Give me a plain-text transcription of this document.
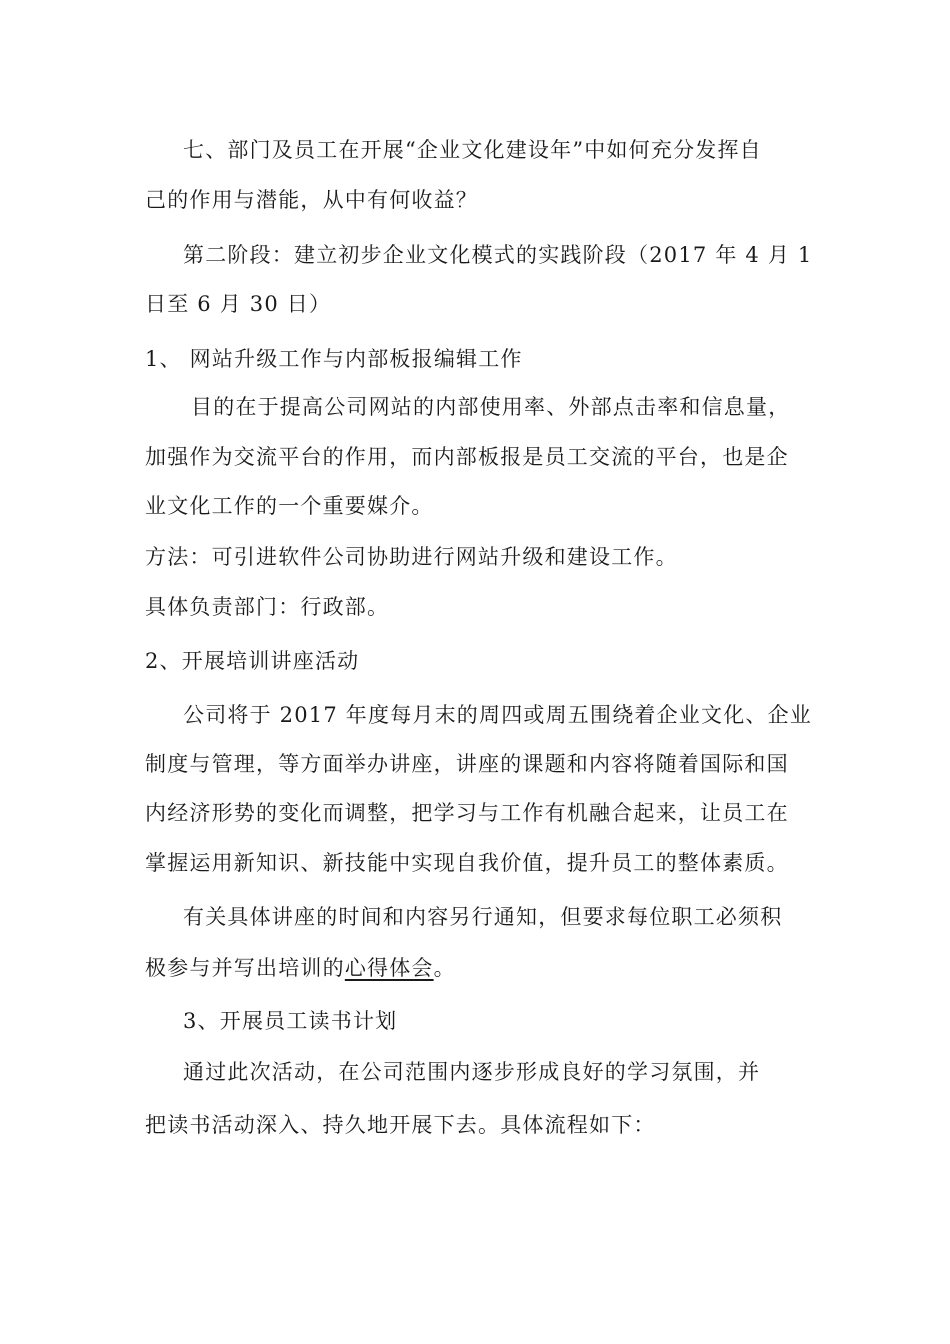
七、部门及员工在开展“企业文化建设年”中如何充分发挥自
己的作用与潜能，从中有何收益？
第二阶段：建立初步企业文化模式的实践阶段（2017 年 4 月 1
日至 6 月 30 日）
1、 网站升级工作与内部板报编辑工作
目的在于提高公司网站的内部使用率、外部点击率和信息量，
加强作为交流平台的作用，而内部板报是员工交流的平台，也是企
业文化工作的一个重要媒介。
方法：可引进软件公司协助进行网站升级和建设工作。
具体负责部门：行政部。
2、开展培训讲座活动
公司将于 2017 年度每月末的周四或周五围绕着企业文化、企业
制度与管理，等方面举办讲座，讲座的课题和内容将随着国际和国
内经济形势的变化而调整，把学习与工作有机融合起来，让员工在
掌握运用新知识、新技能中实现自我价值，提升员工的整体素质。
有关具体讲座的时间和内容另行通知，但要求每位职工必须积
极参与并写出培训的心得体会。
3、开展员工读书计划
通过此次活动，在公司范围内逐步形成良好的学习氛围，并
把读书活动深入、持久地开展下去。具体流程如下：
